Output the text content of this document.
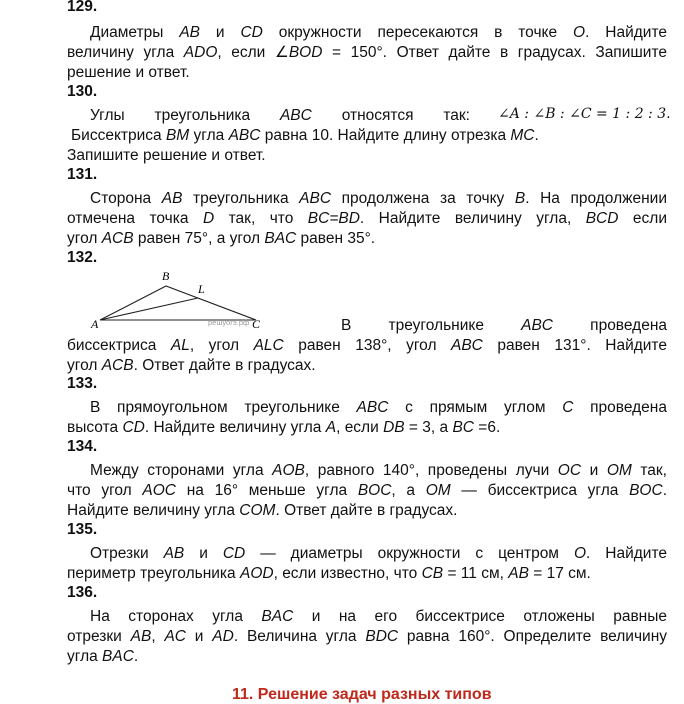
129.
Диаметры AB и CD окружности пересекаются в точке O. Найдите
величину угла ADO, если ∠BOD = 150°. Ответ дайте в градусах. Запишите
решение и ответ.
130.
Углы треугольника ABC относятся так: ∠A : ∠B : ∠C = 1 : 2 : 3.
Биссектриса BM угла ABC равна 10. Найдите длину отрезка MC.
Запишите решение и ответ.
131.
Сторона AB треугольника ABC продолжена за точку B. На продолжении
отмечена точка D так, что BC=BD. Найдите величину угла, BCD если
угол ACB равен 75°, а угол BAC равен 35°.
132.
A
B
L
C
решуогэ.рф	В треугольнике ABC проведена
биссектриса AL, угол ALC равен 138°, угол ABC равен 131°. Найдите
угол ACB. Ответ дайте в градусах.
133.
В прямоугольном треугольнике ABC с прямым углом C проведена
высота CD. Найдите величину угла A, если DB = 3, а BC =6.
134.
Между сторонами угла AOB, равного 140°, проведены лучи OC и OM так,
что угол AOC на 16° меньше угла BOC, а OM — биссектриса угла BOC.
Найдите величину угла COM. Ответ дайте в градусах.
135.
Отрезки AB и CD — диаметры окружности с центром O. Найдите
периметр треугольника AOD, если известно, что CB = 11 см, AB = 17 см.
136.
На сторонах угла BAC и на его биссектрисе отложены равные
отрезки AB, AC и AD. Величина угла BDC равна 160°. Определите величину
угла BAC.
11. Решение задач разных типов
